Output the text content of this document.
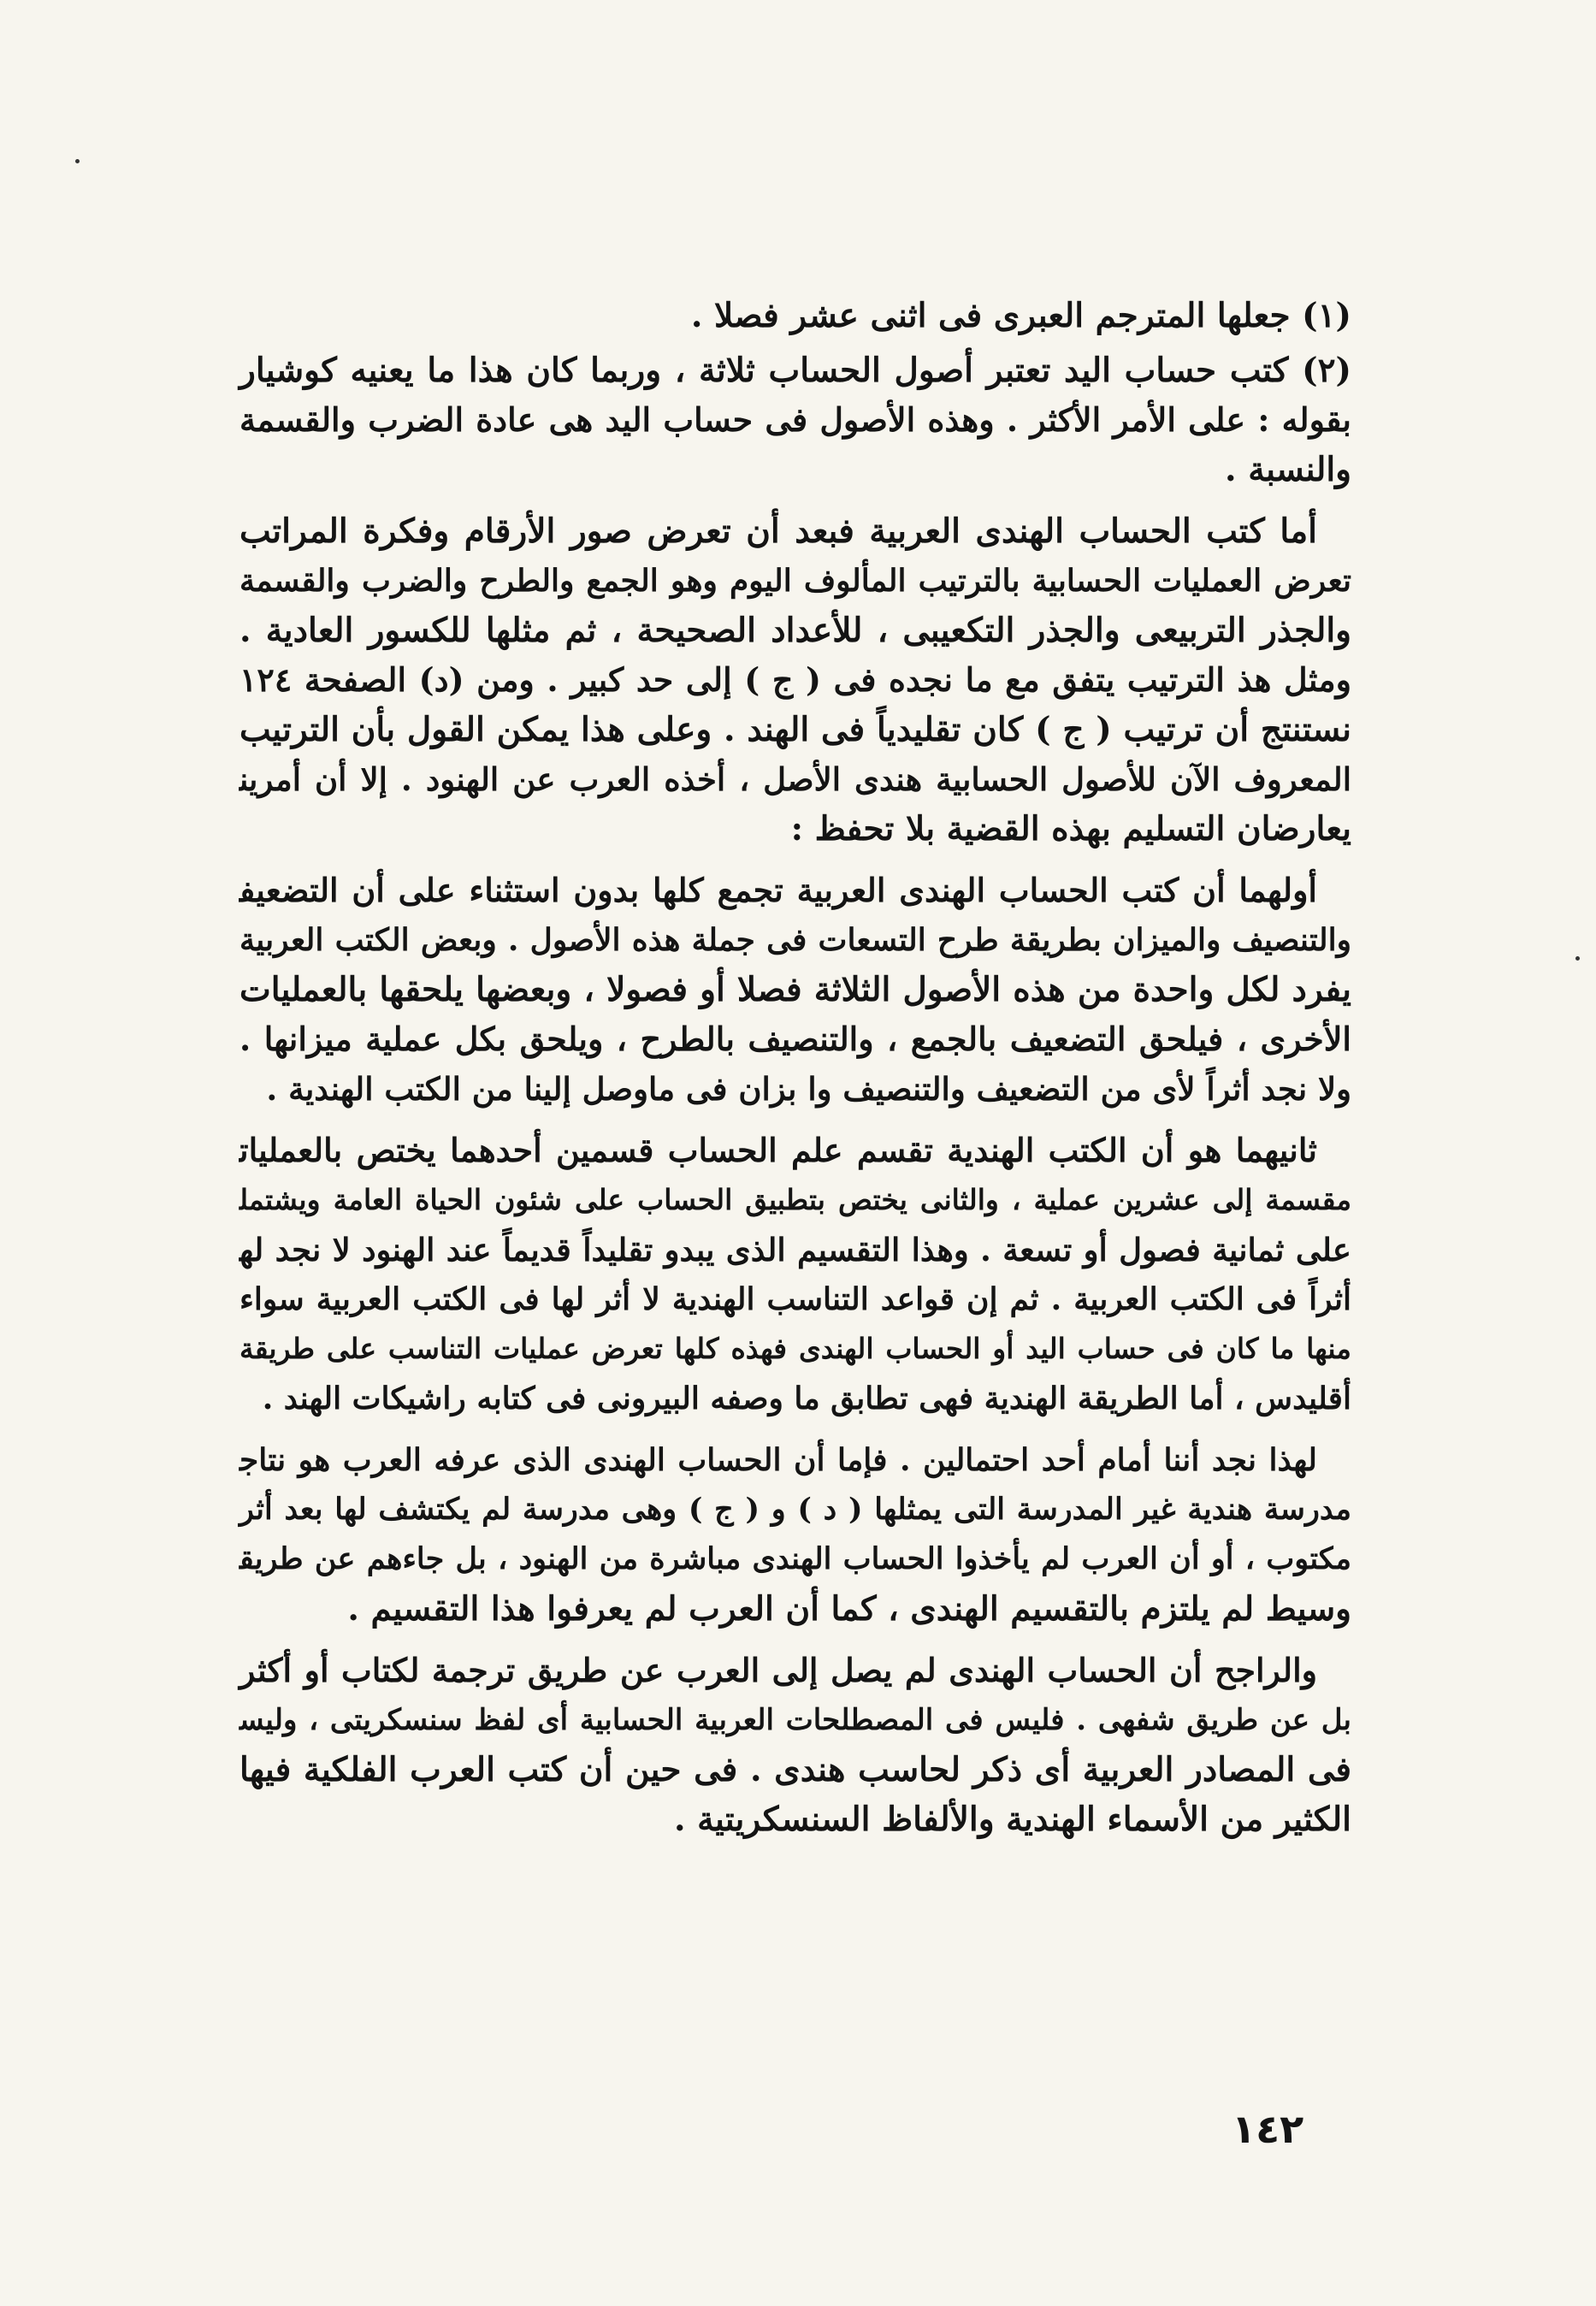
(١) جعلها المترجم العبرى فى اثنى عشر فصلا .
(٢) كتب حساب اليد تعتبر أصول الحساب ثلاثة ، وربما كان هذا ما يعنيه كوشيار
بقوله : على الأمر الأكثر . وهذه الأصول فى حساب اليد هى عادة الضرب والقسمة
والنسبة .
أما كتب الحساب الهندى العربية فبعد أن تعرض صور الأرقام وفكرة المراتب
تعرض العمليات الحسابية بالترتيب المألوف اليوم وهو الجمع والطرح والضرب والقسمة
والجذر التربيعى والجذر التكعيبى ، للأعداد الصحيحة ، ثم مثلها للكسور العادية .
ومثل هذ الترتيب يتفق مع ما نجده فى ( ج ) إلى حد كبير . ومن (د) الصفحة ١٢٤
نستنتج أن ترتيب ( ج ) كان تقليدياً فى الهند . وعلى هذا يمكن القول بأن الترتيب
المعروف الآن للأصول الحسابية هندى الأصل ، أخذه العرب عن الهنود . إلا أن أمرين
يعارضان التسليم بهذه القضية بلا تحفظ :
أولهما أن كتب الحساب الهندى العربية تجمع كلها بدون استثناء على أن التضعيف
والتنصيف والميزان بطريقة طرح التسعات فى جملة هذه الأصول . وبعض الكتب العربية
يفرد لكل واحدة من هذه الأصول الثلاثة فصلا أو فصولا ، وبعضها يلحقها بالعمليات
الأخرى ، فيلحق التضعيف بالجمع ، والتنصيف بالطرح ، ويلحق بكل عملية ميزانها .
ولا نجد أثراً لأى من التضعيف والتنصيف وا بزان فى ماوصل إلينا من الكتب الهندية .
ثانيهما هو أن الكتب الهندية تقسم علم الحساب قسمين أحدهما يختص بالعمليات
مقسمة إلى عشرين عملية ، والثانى يختص بتطبيق الحساب على شئون الحياة العامة ويشتمل
على ثمانية فصول أو تسعة . وهذا التقسيم الذى يبدو تقليداً قديماً عند الهنود لا نجد له
أثراً فى الكتب العربية . ثم إن قواعد التناسب الهندية لا أثر لها فى الكتب العربية سواء
منها ما كان فى حساب اليد أو الحساب الهندى فهذه كلها تعرض عمليات التناسب على طريقة
أقليدس ، أما الطريقة الهندية فهى تطابق ما وصفه البيرونى فى كتابه راشيكات الهند .
لهذا نجد أننا أمام أحد احتمالين . فإما أن الحساب الهندى الذى عرفه العرب هو نتاج
مدرسة هندية غير المدرسة التى يمثلها ( د ) و ( ج ) وهى مدرسة لم يكتشف لها بعد أثر
مكتوب ، أو أن العرب لم يأخذوا الحساب الهندى مباشرة من الهنود ، بل جاءهم عن طريق
وسيط لم يلتزم بالتقسيم الهندى ، كما أن العرب لم يعرفوا هذا التقسيم .
والراجح أن الحساب الهندى لم يصل إلى العرب عن طريق ترجمة لكتاب أو أكثر
بل عن طريق شفهى . فليس فى المصطلحات العربية الحسابية أى لفظ سنسكريتى ، وليس
فى المصادر العربية أى ذكر لحاسب هندى . فى حين أن كتب العرب الفلكية فيها
الكثير من الأسماء الهندية والألفاظ السنسكريتية .
١٤٢
